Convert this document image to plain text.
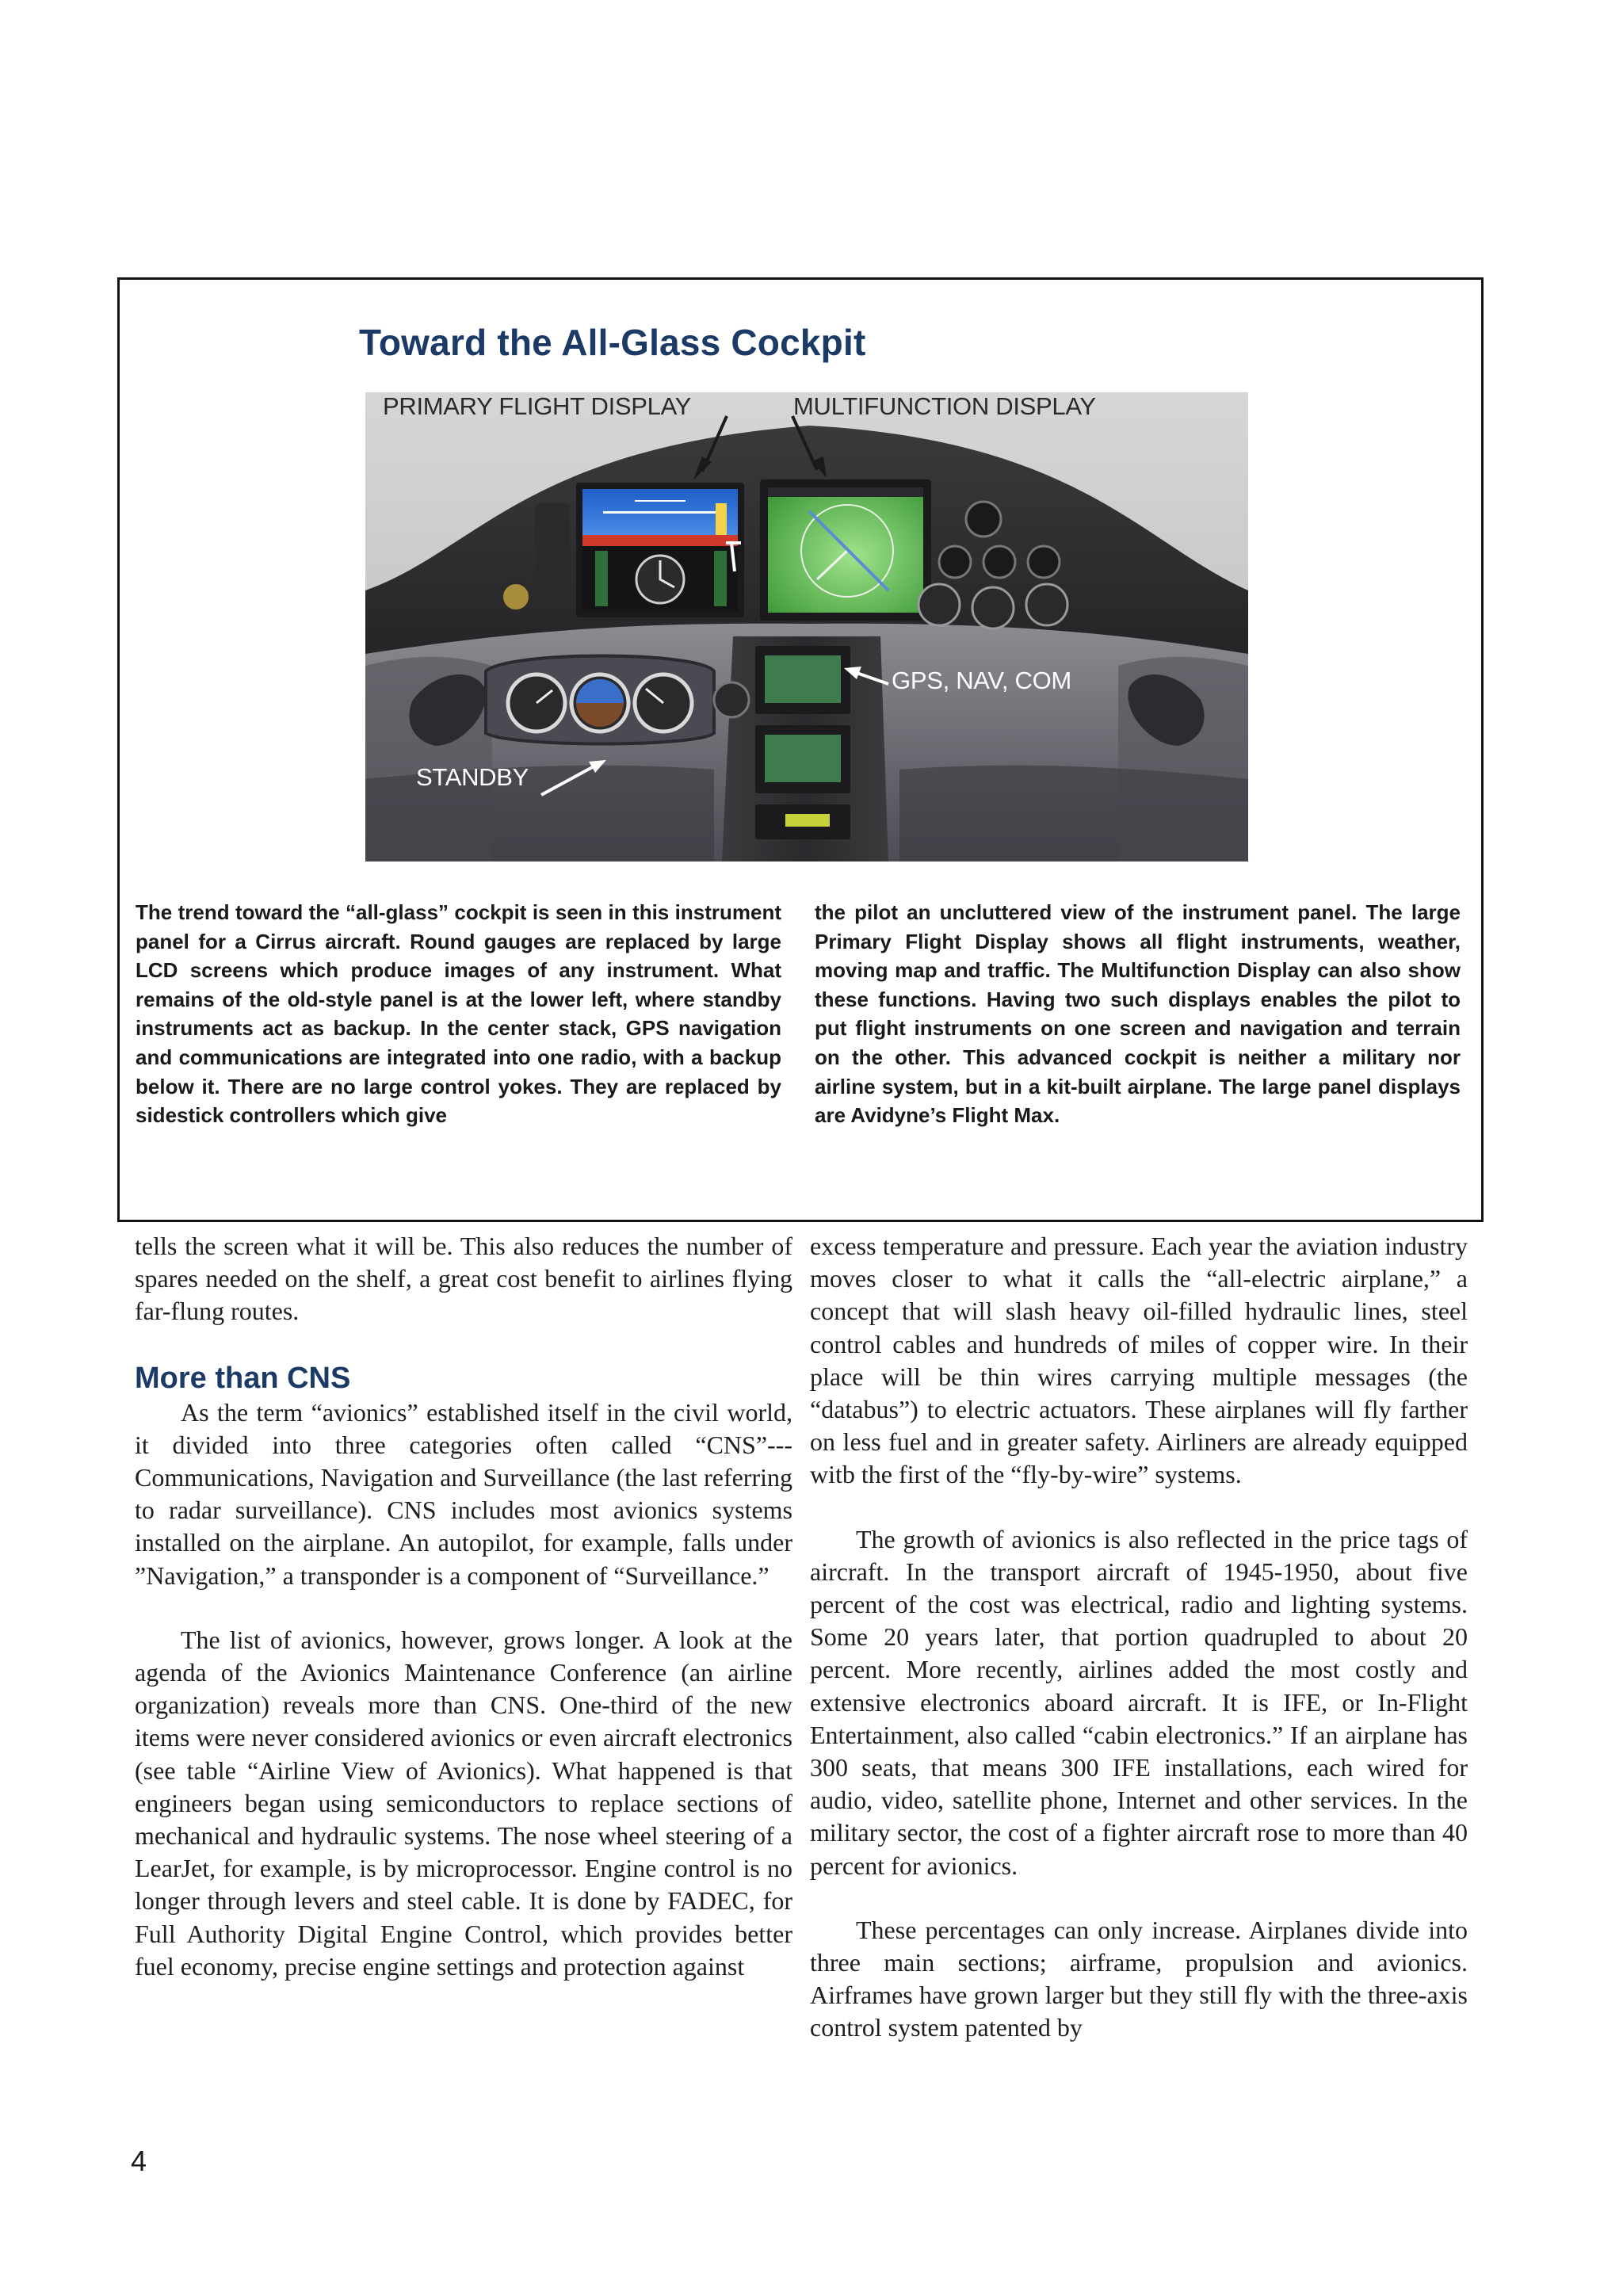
Toward the All-Glass Cockpit
PRIMARY FLIGHT DISPLAY	MULTIFUNCTION DISPLAY
GPS, NAV, COM
STANDBY

The trend toward the “all-glass” cockpit is seen in this instrument panel for a Cirrus aircraft. Round gauges are replaced by large LCD screens which produce images of any instrument. What remains of the old-style panel is at the lower left, where standby instruments act as backup. In the center stack, GPS navigation and communications are integrated into one radio, with a backup below it. There are no large control yokes. They are replaced by sidestick controllers which give

the pilot an uncluttered view of the instrument panel. The large Primary Flight Display shows all flight instruments, weather, moving map and traffic. The Multifunction Display can also show these functions. Having two such displays enables the pilot to put flight instruments on one screen and navigation and terrain on the other. This advanced cockpit is neither a military nor airline system, but in a kit-built airplane. The large panel displays are Avidyne’s Flight Max.

tells the screen what it will be. This also reduces the number of spares needed on the shelf, a great cost benefit to airlines flying far-flung routes.

More than CNS

As the term “avionics” established itself in the civil world, it divided into three categories often called “CNS”---Communications, Navigation and Surveillance (the last referring to radar surveillance). CNS includes most avionics systems installed on the airplane. An autopilot, for example, falls under ”Navigation,” a transponder is a component of “Surveillance.”

The list of avionics, however, grows longer. A look at the agenda of the Avionics Maintenance Conference (an airline organization) reveals more than CNS. One-third of the new items were never considered avionics or even aircraft electronics (see table “Airline View of Avionics). What happened is that engineers began using semiconductors to replace sections of mechanical and hydraulic systems. The nose wheel steering of a LearJet, for example, is by microprocessor. Engine control is no longer through levers and steel cable. It is done by FADEC, for Full Authority Digital Engine Control, which provides better fuel economy, precise engine settings and protection against

excess temperature and pressure. Each year the aviation industry moves closer to what it calls the “all-electric airplane,” a concept that will slash heavy oil-filled hydraulic lines, steel control cables and hundreds of miles of copper wire. In their place will be thin wires carrying multiple messages (the “databus”) to electric actuators. These airplanes will fly farther on less fuel and in greater safety. Airliners are already equipped witb the first of the “fly-by-wire” systems.

The growth of avionics is also reflected in the price tags of aircraft. In the transport aircraft of 1945-1950, about five percent of the cost was electrical, radio and lighting systems. Some 20 years later, that portion quadrupled to about 20 percent. More recently, airlines added the most costly and extensive electronics aboard aircraft. It is IFE, or In-Flight Entertainment, also called “cabin electronics.” If an airplane has 300 seats, that means 300 IFE installations, each wired for audio, video, satellite phone, Internet and other services. In the military sector, the cost of a fighter aircraft rose to more than 40 percent for avionics.

These percentages can only increase. Airplanes divide into three main sections; airframe, propulsion and avionics. Airframes have grown larger but they still fly with the three-axis control system patented by

4
